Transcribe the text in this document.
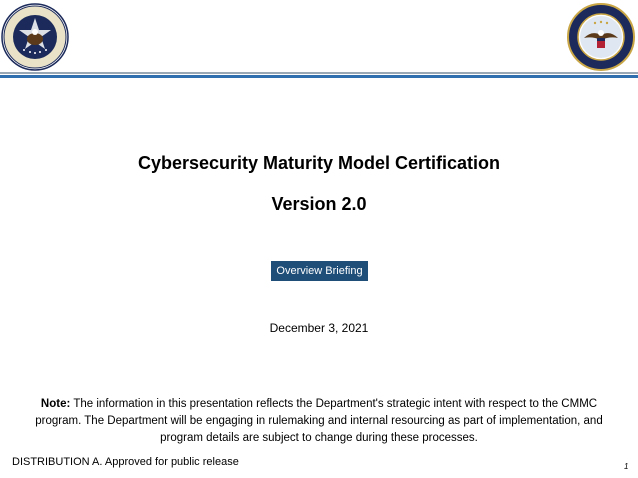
Cybersecurity Maturity Model Certification
Version 2.0
Overview Briefing
December 3, 2021
Note: The information in this presentation reflects the Department's strategic intent with respect to the CMMC program. The Department will be engaging in rulemaking and internal resourcing as part of implementation, and program details are subject to change during these processes.
DISTRIBUTION A. Approved for public release	1
